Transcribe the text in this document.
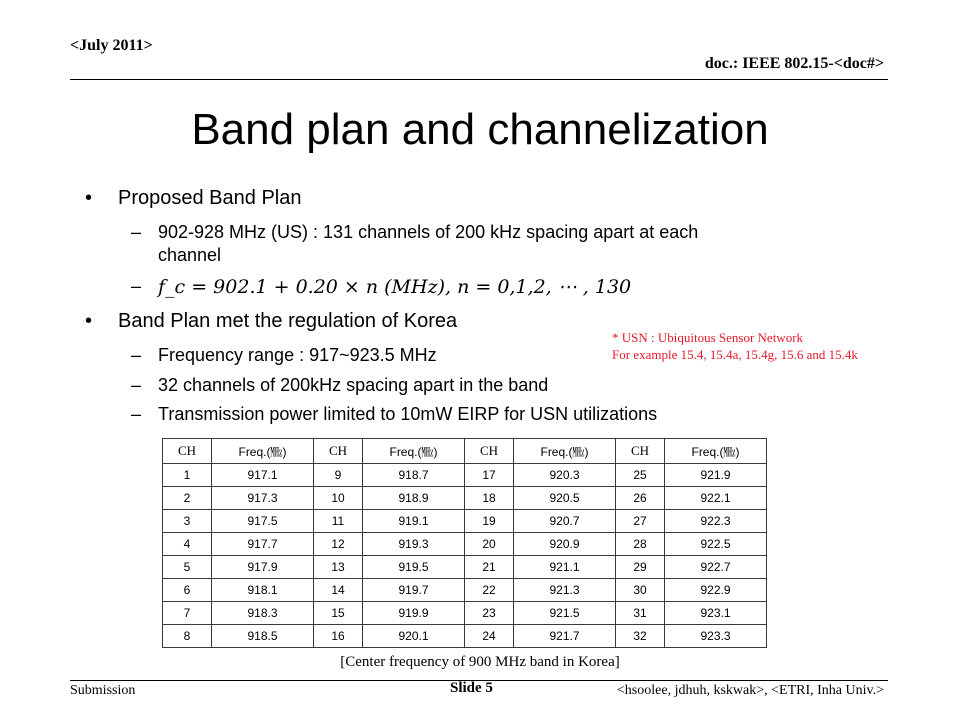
<July 2011>
doc.: IEEE 802.15-<doc#>
Band plan and channelization
• Proposed Band Plan
– 902-928 MHz (US) : 131 channels of 200 kHz spacing apart at each
channel
– f_c = 902.1 + 0.20 × n (MHz), n = 0,1,2, ⋯ , 130
• Band Plan met the regulation of Korea
– Frequency range : 917~923.5 MHz
– 32 channels of 200kHz spacing apart in the band
– Transmission power limited to 10mW EIRP for USN utilizations
* USN : Ubiquitous Sensor Network
For example 15.4, 15.4a, 15.4g, 15.6 and 15.4k
CH	Freq.(㎒)	CH	Freq.(㎒)	CH	Freq.(㎒)	CH	Freq.(㎒)
1	917.1	9	918.7	17	920.3	25	921.9
2	917.3	10	918.9	18	920.5	26	922.1
3	917.5	11	919.1	19	920.7	27	922.3
4	917.7	12	919.3	20	920.9	28	922.5
5	917.9	13	919.5	21	921.1	29	922.7
6	918.1	14	919.7	22	921.3	30	922.9
7	918.3	15	919.9	23	921.5	31	923.1
8	918.5	16	920.1	24	921.7	32	923.3
[Center frequency of 900 MHz band in Korea]
Submission	Slide 5	<hsoolee, jdhuh, kskwak>, <ETRI, Inha Univ.>
